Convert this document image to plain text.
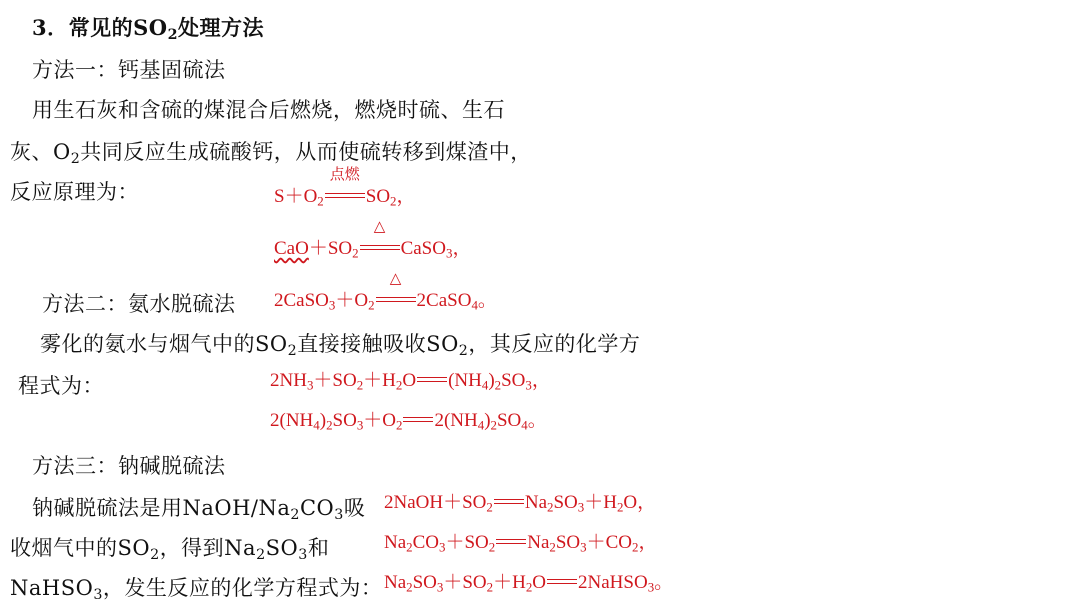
3．常见的$SO_2$处理方法
方法一：钙基固硫法
用生石灰和含硫的煤混合后燃烧，燃烧时硫、生石
灰、$O_2$共同反应生成硫酸钙，从而使硫转移到煤渣中，
反应原理为：	$S+O_2$
点燃
$SO_2$，
$CaO+SO_2$
△
CaSO$_3$，
方法二：氨水脱硫法 $2CaSO_3+O_2$
△
2CaSO$_4$。
雾化的氨水与烟气中的$SO_2$直接接触吸收$SO_2$，其反应的化学方
程式为：	$2NH_3+SO_2+H_2O$ $(NH_4)_2SO_3$，
$2(NH_4)_2SO_3+O_2$ $2(NH_4)_2SO_4$。
方法三：钠碱脱硫法
钠碱脱硫法是用NaOH/$Na_2CO_3$吸
收烟气中的$SO_2$，得到$Na_2SO_3$和
NaHSO$_3$，发生反应的化学方程式为：
$2NaOH+SO_2$ $Na_2SO_3+H_2O$，
$Na_2CO_3+SO_2$ $Na_2SO_3+CO_2$，
$Na_2SO_3+SO_2+H_2O$ 2NaHSO$_3$。
